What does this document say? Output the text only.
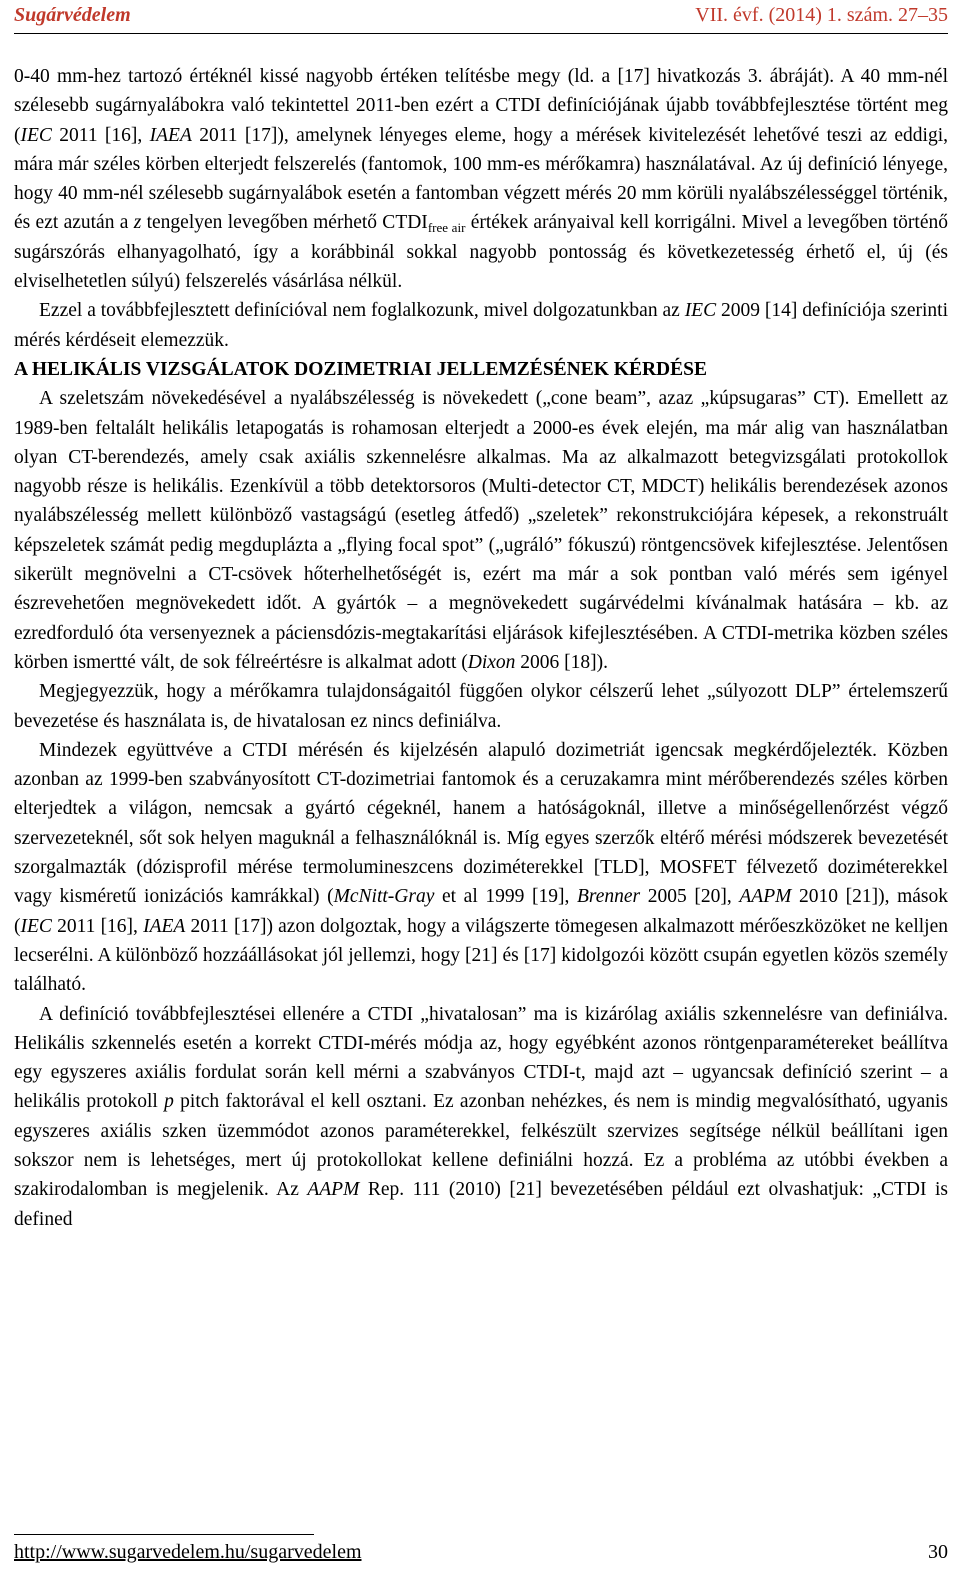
Sugárvédelem	VII. évf. (2014) 1. szám. 27–35

0-40 mm-hez tartozó értéknél kissé nagyobb értéken telítésbe megy (ld. a [17] hivatkozás 3. ábráját). A 40 mm-nél szélesebb sugárnyalábokra való tekintettel 2011-ben ezért a CTDI definíciójának újabb továbbfejlesztése történt meg (IEC 2011 [16], IAEA 2011 [17]), amelynek lényeges eleme, hogy a mérések kivitelezését lehetővé teszi az eddigi, mára már széles körben elterjedt felszerelés (fantomok, 100 mm-es mérőkamra) használatával. Az új definíció lényege, hogy 40 mm-nél szélesebb sugárnyalábok esetén a fantomban végzett mérés 20 mm körüli nyalábszélességgel történik, és ezt azután a z tengelyen levegőben mérhető $CTDI_{free air}$ értékek arányaival kell korrigálni. Mivel a levegőben történő sugárszórás elhanyagolható, így a korábbinál sokkal nagyobb pontosság és következetesség érhető el, új (és elviselhetetlen súlyú) felszerelés vásárlása nélkül.

Ezzel a továbbfejlesztett definícióval nem foglalkozunk, mivel dolgozatunkban az IEC 2009 [14] definíciója szerinti mérés kérdéseit elemezzük.

A HELIKÁLIS VIZSGÁLATOK DOZIMETRIAI JELLEMZÉSÉNEK KÉRDÉSE

A szeletszám növekedésével a nyalábszélesség is növekedett („cone beam”, azaz „kúpsugaras” CT). Emellett az 1989-ben feltalált helikális letapogatás is rohamosan elterjedt a 2000-es évek elején, ma már alig van használatban olyan CT-berendezés, amely csak axiális szkennelésre alkalmas. Ma az alkalmazott betegvizsgálati protokollok nagyobb része is helikális. Ezenkívül a több detektorsoros (Multi-detector CT, MDCT) helikális berendezések azonos nyalábszélesség mellett különböző vastagságú (esetleg átfedő) „szeletek” rekonstrukciójára képesek, a rekonstruált képszeletek számát pedig megduplázta a „flying focal spot” („ugráló” fókuszú) röntgencsövek kifejlesztése. Jelentősen sikerült megnövelni a CT-csövek hőterhelhetőségét is, ezért ma már a sok pontban való mérés sem igényel észrevehetően megnövekedett időt. A gyártók – a megnövekedett sugárvédelmi kívánalmak hatására – kb. az ezredforduló óta versenyeznek a páciensdózis-megtakarítási eljárások kifejlesztésében. A CTDI-metrika közben széles körben ismertté vált, de sok félreértésre is alkalmat adott (Dixon 2006 [18]).

Megjegyezzük, hogy a mérőkamra tulajdonságaitól függően olykor célszerű lehet „súlyozott DLP” értelemszerű bevezetése és használata is, de hivatalosan ez nincs definiálva.

Mindezek együttvéve a CTDI mérésén és kijelzésén alapuló dozimetriát igencsak megkérdőjelezték. Közben azonban az 1999-ben szabványosított CT-dozimetriai fantomok és a ceruzakamra mint mérőberendezés széles körben elterjedtek a világon, nemcsak a gyártó cégeknél, hanem a hatóságoknál, illetve a minőségellenőrzést végző szervezeteknél, sőt sok helyen maguknál a felhasználóknál is. Míg egyes szerzők eltérő mérési módszerek bevezetését szorgalmazták (dózisprofil mérése termolumineszcens doziméterekkel [TLD], MOSFET félvezető doziméterekkel vagy kisméretű ionizációs kamrákkal) (McNitt-Gray et al 1999 [19], Brenner 2005 [20], AAPM 2010 [21]), mások (IEC 2011 [16], IAEA 2011 [17]) azon dolgoztak, hogy a világszerte tömegesen alkalmazott mérőeszközöket ne kelljen lecserélni. A különböző hozzáállásokat jól jellemzi, hogy [21] és [17] kidolgozói között csupán egyetlen közös személy található.

A definíció továbbfejlesztései ellenére a CTDI „hivatalosan” ma is kizárólag axiális szkennelésre van definiálva. Helikális szkennelés esetén a korrekt CTDI-mérés módja az, hogy egyébként azonos röntgenparamétereket beállítva egy egyszeres axiális fordulat során kell mérni a szabványos CTDI-t, majd azt – ugyancsak definíció szerint – a helikális protokoll p pitch faktorával el kell osztani. Ez azonban nehézkes, és nem is mindig megvalósítható, ugyanis egyszeres axiális szken üzemmódot azonos paraméterekkel, felkészült szervizes segítsége nélkül beállítani igen sokszor nem is lehetséges, mert új protokollokat kellene definiálni hozzá. Ez a probléma az utóbbi években a szakirodalomban is megjelenik. Az AAPM Rep. 111 (2010) [21] bevezetésében például ezt olvashatjuk: „CTDI is defined

http://www.sugarvedelem.hu/sugarvedelem	30
